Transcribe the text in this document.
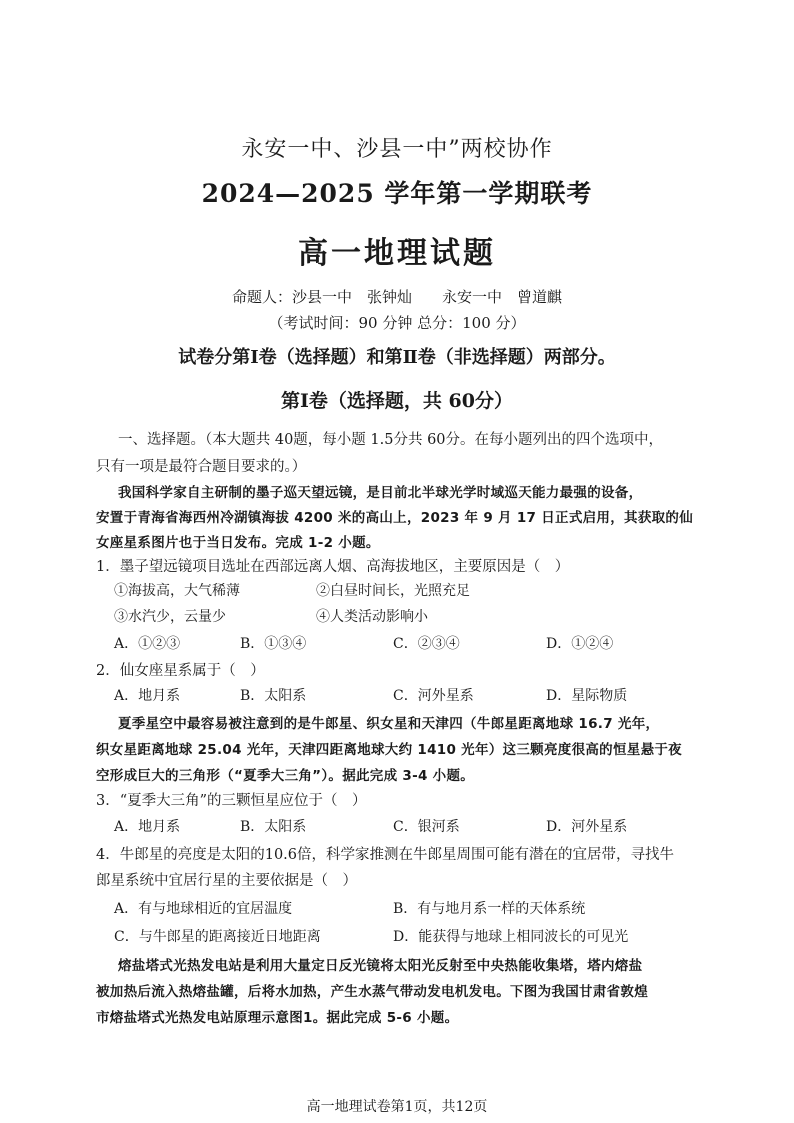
永安一中、沙县一中”两校协作
2024—2025 学年第一学期联考
高一地理试题
命题人：沙县一中　张钟灿　　永安一中　曾道麒
（考试时间：90 分钟 总分：100 分）
试卷分第Ⅰ卷（选择题）和第Ⅱ卷（非选择题）两部分。
第Ⅰ卷（选择题，共 60分）
一、选择题。（本大题共 40题，每小题 1.5分共 60分。在每小题列出的四个选项中，
只有一项是最符合题目要求的。）
我国科学家自主研制的墨子巡天望远镜，是目前北半球光学时域巡天能力最强的设备，
安置于青海省海西州冷湖镇海拔 4200 米的高山上，2023 年 9 月 17 日正式启用，其获取的仙
女座星系图片也于当日发布。完成 1-2 小题。
1．墨子望远镜项目选址在西部远离人烟、高海拔地区，主要原因是（　）
①海拔高，大气稀薄	②白昼时间长，光照充足
③水汽少，云量少	④人类活动影响小
A．①②③	B．①③④	C．②③④	D．①②④
2．仙女座星系属于（　）
A．地月系	B．太阳系	C．河外星系	D．星际物质
夏季星空中最容易被注意到的是牛郎星、织女星和天津四（牛郎星距离地球 16.7 光年，
织女星距离地球 25.04 光年，天津四距离地球大约 1410 光年）这三颗亮度很高的恒星悬于夜
空形成巨大的三角形（“夏季大三角”）。据此完成 3-4 小题。
3．“夏季大三角”的三颗恒星应位于（　）
A．地月系	B．太阳系	C．银河系	D．河外星系
4．牛郎星的亮度是太阳的10.6倍，科学家推测在牛郎星周围可能有潜在的宜居带，寻找牛
郎星系统中宜居行星的主要依据是（　）
A．有与地球相近的宜居温度	B．有与地月系一样的天体系统
C．与牛郎星的距离接近日地距离	D．能获得与地球上相同波长的可见光
熔盐塔式光热发电站是利用大量定日反光镜将太阳光反射至中央热能收集塔，塔内熔盐
被加热后流入热熔盐罐，后将水加热，产生水蒸气带动发电机发电。下图为我国甘肃省敦煌
市熔盐塔式光热发电站原理示意图1。据此完成 5-6 小题。
高一地理试卷第1页，共12页
